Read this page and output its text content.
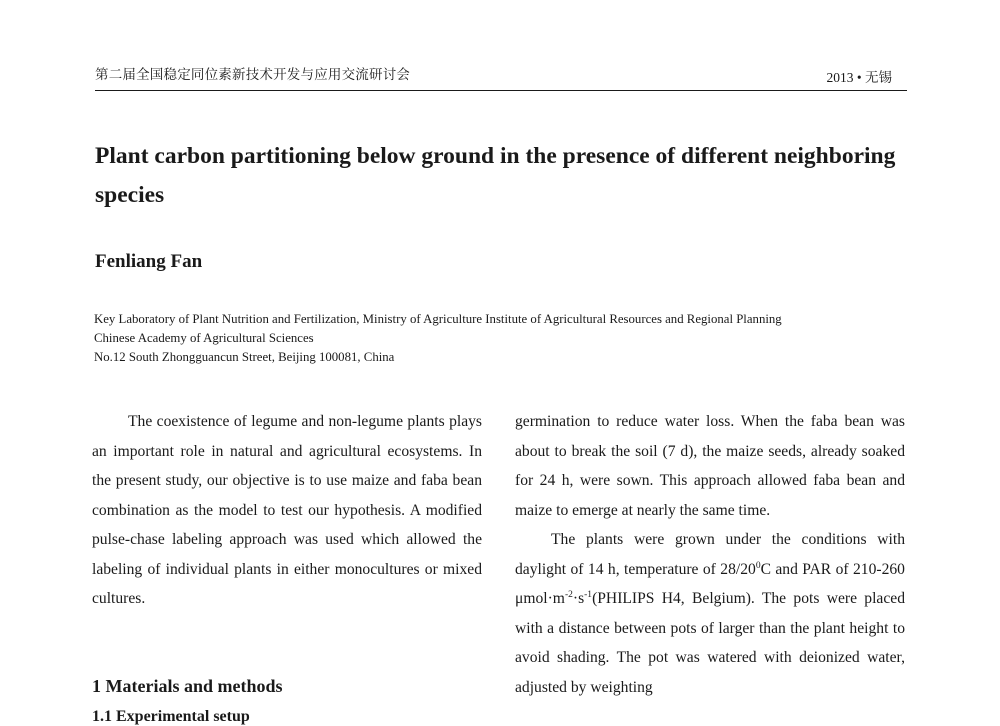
第二届全国稳定同位素新技术开发与应用交流研讨会	2013 • 无锡
Plant carbon partitioning below ground in the presence of different neighboring species
Fenliang Fan
Key Laboratory of Plant Nutrition and Fertilization, Ministry of Agriculture Institute of Agricultural Resources and Regional Planning
Chinese Academy of Agricultural Sciences
No.12 South Zhongguancun Street, Beijing 100081, China

The coexistence of legume and non-legume plants plays an important role in natural and agricultural ecosystems. In the present study, our objective is to use maize and faba bean combination as the model to test our hypothesis. A modified pulse-chase labeling approach was used which allowed the labeling of individual plants in either monocultures or mixed cultures.

1 Materials and methods
1.1 Experimental setup

germination to reduce water loss. When the faba bean was about to break the soil (7 d), the maize seeds, already soaked for 24 h, were sown. This approach allowed faba bean and maize to emerge at nearly the same time.

The plants were grown under the conditions with daylight of 14 h, temperature of $28/20^0C$ and PAR of 210-260 $\mu mol\cdot m^{-2}\cdot s^{-1}(PHILIPS$ H4, Belgium). The pots were placed with a distance between pots of larger than the plant height to avoid shading. The pot was watered with deionized water, adjusted by weighting
